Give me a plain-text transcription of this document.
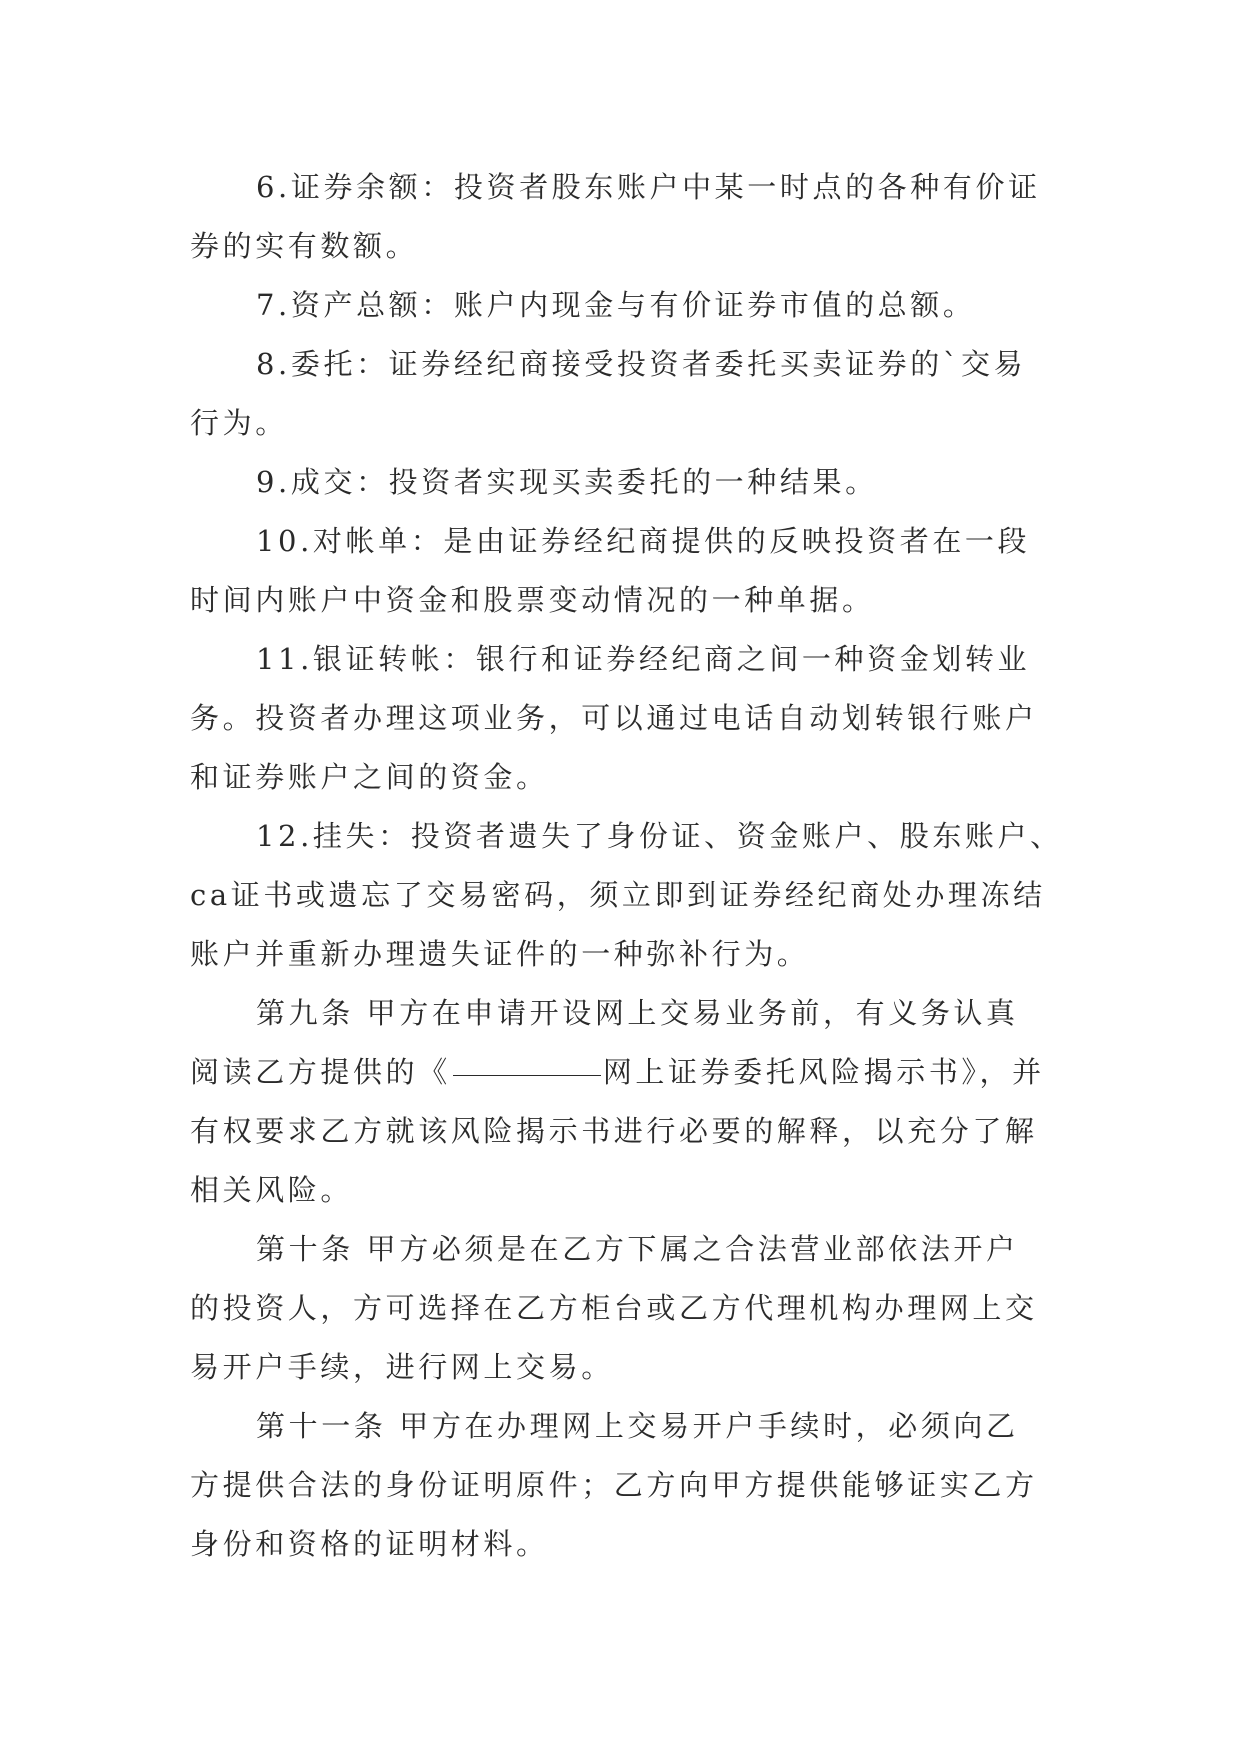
6.证券余额：投资者股东账户中某一时点的各种有价证
券的实有数额。

7.资产总额：账户内现金与有价证券市值的总额。

8.委托：证券经纪商接受投资者委托买卖证券的`交易
行为。

9.成交：投资者实现买卖委托的一种结果。

10.对帐单：是由证券经纪商提供的反映投资者在一段
时间内账户中资金和股票变动情况的一种单据。

11.银证转帐：银行和证券经纪商之间一种资金划转业
务。投资者办理这项业务，可以通过电话自动划转银行账户
和证券账户之间的资金。

12.挂失：投资者遗失了身份证、资金账户、股东账户、
ca证书或遗忘了交易密码，须立即到证券经纪商处办理冻结
账户并重新办理遗失证件的一种弥补行为。

第九条 甲方在申请开设网上交易业务前，有义务认真
阅读乙方提供的《	网上证券委托风险揭示书》，并
有权要求乙方就该风险揭示书进行必要的解释，以充分了解
相关风险。

第十条 甲方必须是在乙方下属之合法营业部依法开户
的投资人，方可选择在乙方柜台或乙方代理机构办理网上交
易开户手续，进行网上交易。

第十一条 甲方在办理网上交易开户手续时，必须向乙
方提供合法的身份证明原件；乙方向甲方提供能够证实乙方
身份和资格的证明材料。
